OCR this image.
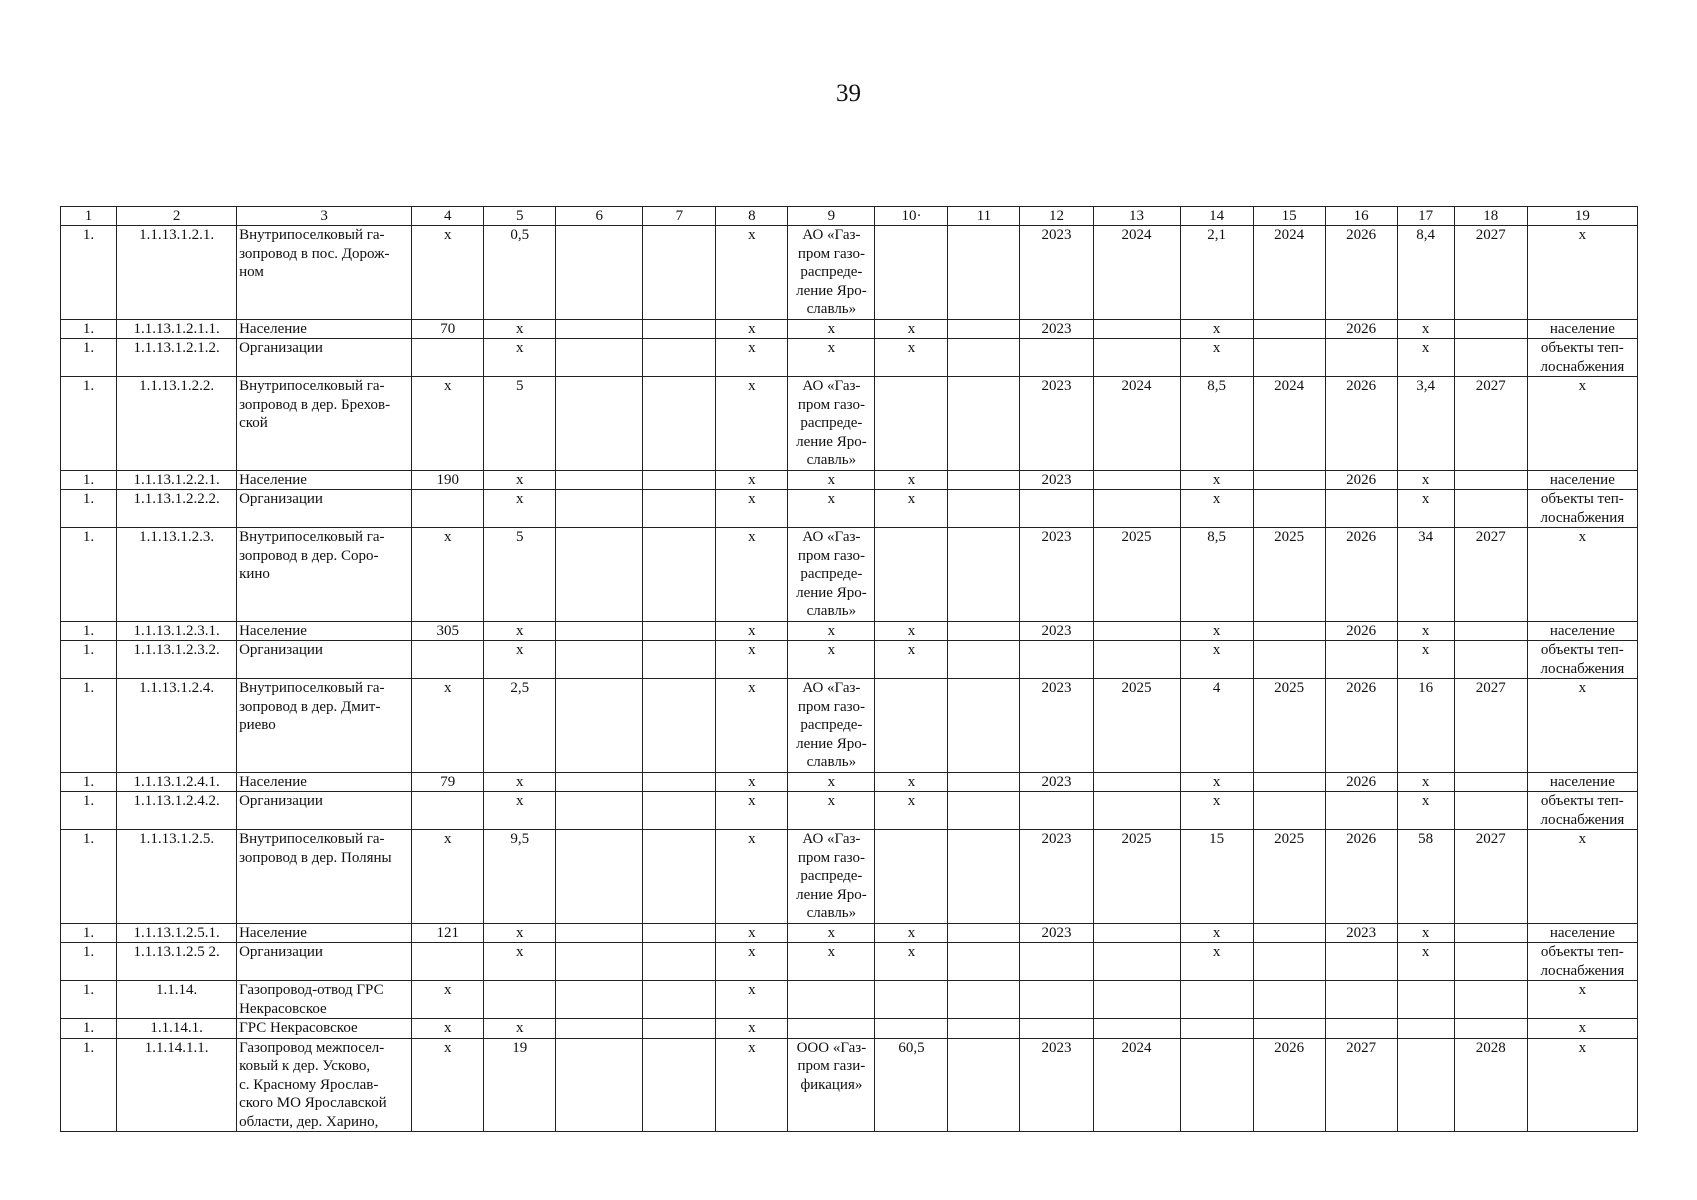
39
1	2	3	4	5	6	7	8	9	10·	11	12	13	14	15	16	17	18	19
1.	1.1.13.1.2.1.	Внутрипоселковый га-
зопровод в пос. Дорож-
ном	х	0,5			х	АО «Газ-
пром газо-
распреде-
ление Яро-
славль»			2023	2024	2,1	2024	2026	8,4	2027	х
1.	1.1.13.1.2.1.1.	Население	70	х			х	х	х		2023		х		2026	х		население
1.	1.1.13.1.2.1.2.	Организации		х			х	х	х				х			х		объекты теп-
лоснабжения
1.	1.1.13.1.2.2.	Внутрипоселковый га-
зопровод в дер. Брехов-
ской	х	5			х	АО «Газ-
пром газо-
распреде-
ление Яро-
славль»			2023	2024	8,5	2024	2026	3,4	2027	х
1.	1.1.13.1.2.2.1.	Население	190	х			х	х	х		2023		х		2026	х		население
1.	1.1.13.1.2.2.2.	Организации		х			х	х	х				х			х		объекты теп-
лоснабжения
1.	1.1.13.1.2.3.	Внутрипоселковый га-
зопровод в дер. Соро-
кино	х	5			х	АО «Газ-
пром газо-
распреде-
ление Яро-
славль»			2023	2025	8,5	2025	2026	34	2027	х
1.	1.1.13.1.2.3.1.	Население	305	х			х	х	х		2023		х		2026	х		население
1.	1.1.13.1.2.3.2.	Организации		х			х	х	х				х			х		объекты теп-
лоснабжения
1.	1.1.13.1.2.4.	Внутрипоселковый га-
зопровод в дер. Дмит-
риево	х	2,5			х	АО «Газ-
пром газо-
распреде-
ление Яро-
славль»			2023	2025	4	2025	2026	16	2027	х
1.	1.1.13.1.2.4.1.	Население	79	х			х	х	х		2023		х		2026	х		население
1.	1.1.13.1.2.4.2.	Организации		х			х	х	х				х			х		объекты теп-
лоснабжения
1.	1.1.13.1.2.5.	Внутрипоселковый га-
зопровод в дер. Поляны	х	9,5			х	АО «Газ-
пром газо-
распреде-
ление Яро-
славль»			2023	2025	15	2025	2026	58	2027	х
1.	1.1.13.1.2.5.1.	Население	121	х			х	х	х		2023		х		2023	х		население
1.	1.1.13.1.2.5 2.	Организации		х			х	х	х				х			х		объекты теп-
лоснабжения
1.	1.1.14.	Газопровод-отвод ГРС
Некрасовское	х				х											х
1.	1.1.14.1.	ГРС Некрасовское	х	х			х											х
1.	1.1.14.1.1.	Газопровод межпосел-
ковый к дер. Усково,
с. Красному Ярослав-
ского МО Ярославской
области, дер. Харино,	х	19			х	ООО «Газ-
пром гази-
фикация»	60,5		2023	2024		2026	2027		2028	х
